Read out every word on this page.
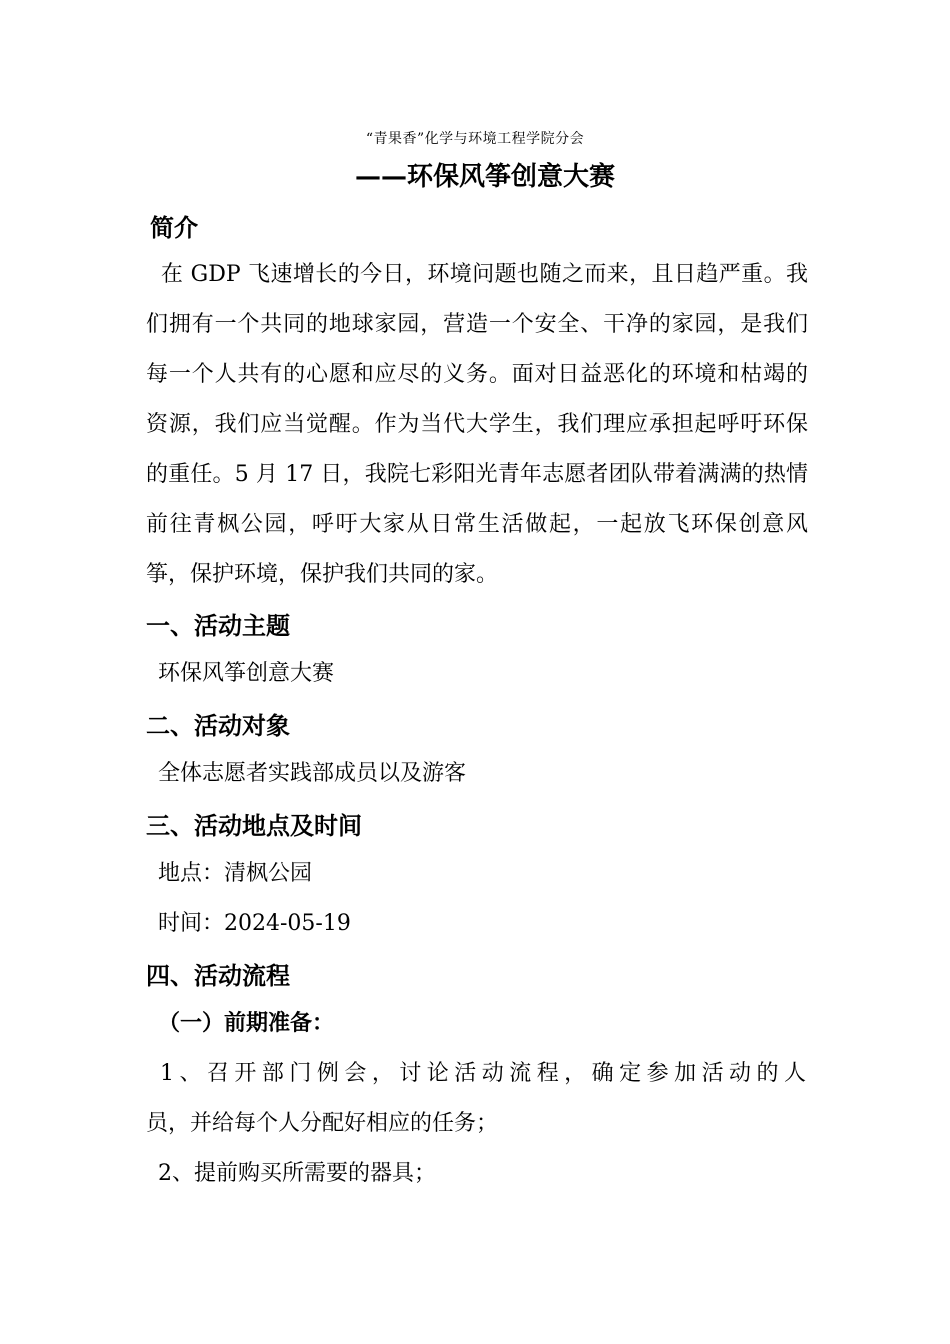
“青果香”化学与环境工程学院分会
——环保风筝创意大赛
简介
在 GDP 飞速增长的今日，环境问题也随之而来，且日趋严重。我
们拥有一个共同的地球家园，营造一个安全、干净的家园，是我们
每一个人共有的心愿和应尽的义务。面对日益恶化的环境和枯竭的
资源，我们应当觉醒。作为当代大学生，我们理应承担起呼吁环保
的重任。5 月 17 日，我院七彩阳光青年志愿者团队带着满满的热情
前往青枫公园，呼吁大家从日常生活做起，一起放飞环保创意风
筝，保护环境，保护我们共同的家。
一、活动主题
环保风筝创意大赛
二、活动对象
全体志愿者实践部成员以及游客
三、活动地点及时间
地点：清枫公园
时间：2024-05-19
四、活动流程
（一）前期准备：
1、召开部门例会，讨论活动流程，确定参加活动的人
员，并给每个人分配好相应的任务；
2、提前购买所需要的器具；
